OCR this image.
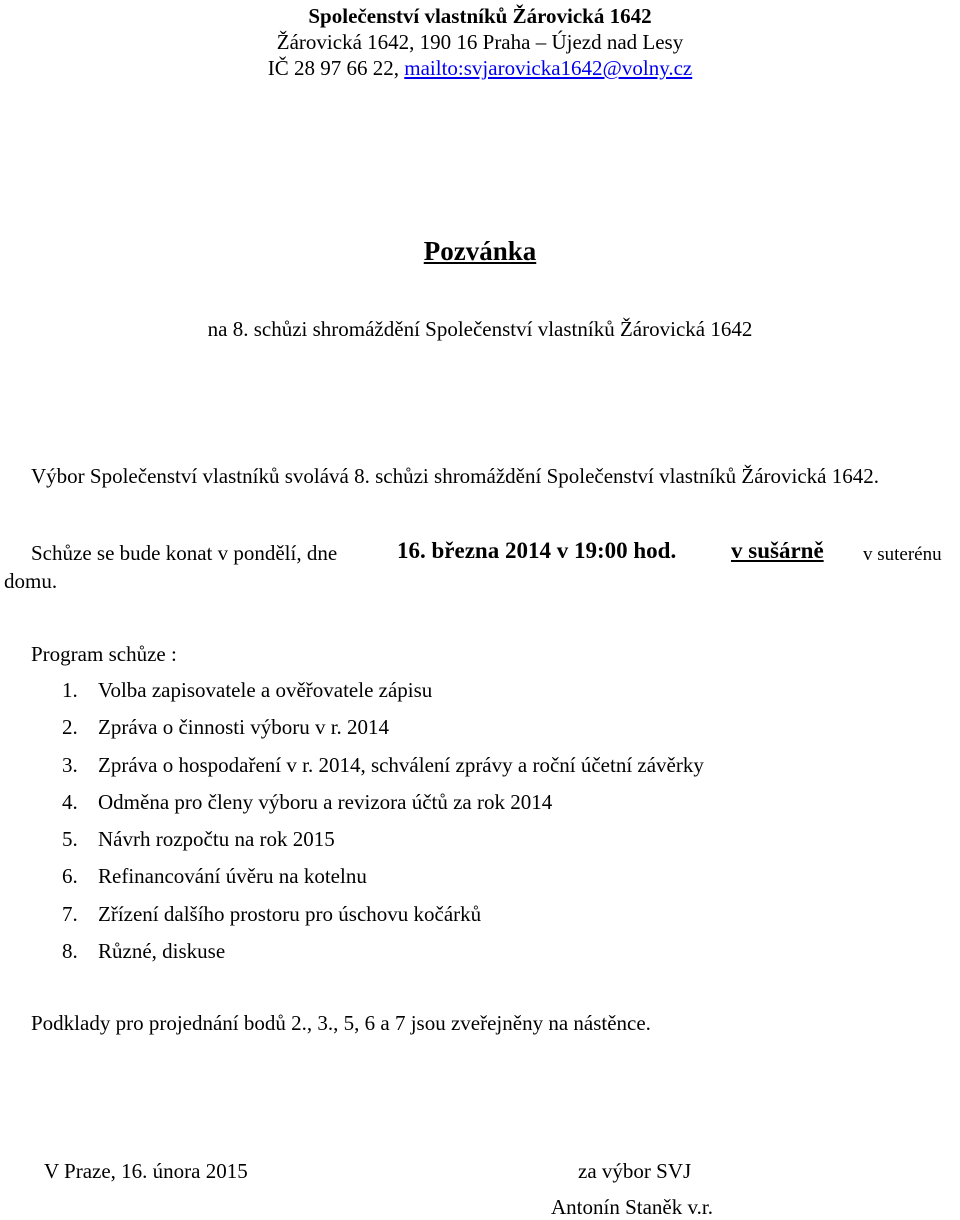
Společenství vlastníků Žárovická 1642
Žárovická 1642, 190 16 Praha – Újezd nad Lesy
IČ 28 97 66 22, mailto:svjarovicka1642@volny.cz
Pozvánka
na 8. schůzi shromáždění Společenství vlastníků Žárovická 1642
Výbor Společenství vlastníků svolává 8. schůzi shromáždění Společenství vlastníků Žárovická 1642.
Schůze se bude konat v pondělí, dne	16. března 2014 v 19:00 hod. v sušárně v suterénu
domu.
Program schůze :
1. Volba zapisovatele a ověřovatele zápisu
2. Zpráva o činnosti výboru v r. 2014
3. Zpráva o hospodaření v r. 2014, schválení zprávy a roční účetní závěrky
4. Odměna pro členy výboru a revizora účtů za rok 2014
5. Návrh rozpočtu na rok 2015
6. Refinancování úvěru na kotelnu
7. Zřízení dalšího prostoru pro úschovu kočárků
8. Různé, diskuse
Podklady pro projednání bodů 2., 3., 5, 6 a 7 jsou zveřejněny na nástěnce.
V Praze, 16. února 2015	za výbor SVJ
Antonín Staněk v.r.
